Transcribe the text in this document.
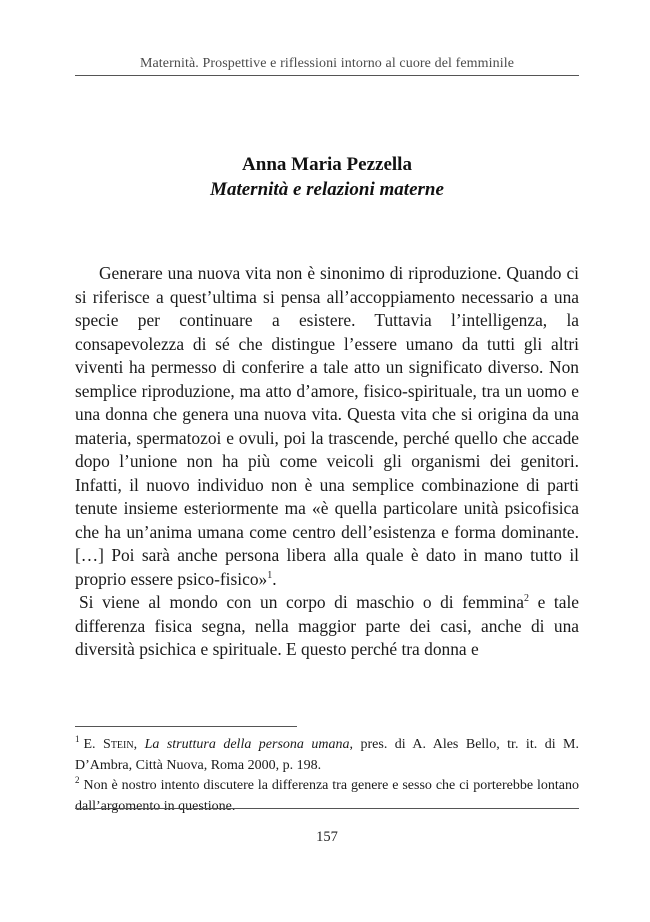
Maternità. Prospettive e riflessioni intorno al cuore del femminile
Anna Maria Pezzella
Maternità e relazioni materne

Generare una nuova vita non è sinonimo di riproduzione. Quando ci si riferisce a quest’ultima si pensa all’accoppiamento necessario a una specie per continuare a esistere. Tuttavia l’intelligenza, la consapevolezza di sé che distingue l’essere umano da tutti gli altri viventi ha permesso di conferire a tale atto un significato diverso. Non semplice riproduzione, ma atto d’amore, fisico-spirituale, tra un uomo e una donna che genera una nuova vita. Questa vita che si origina da una materia, spermatozoi e ovuli, poi la trascende, perché quello che accade dopo l’unione non ha più come veicoli gli organismi dei genitori. Infatti, il nuovo individuo non è una semplice combinazione di parti tenute insieme esteriormente ma «è quella particolare unità psicofisica che ha un’anima umana come centro dell’esistenza e forma dominante. […] Poi sarà anche persona libera alla quale è dato in mano tutto il proprio essere psico-fisico»$^1$.

Si viene al mondo con un corpo di maschio o di femmina$^2$ e tale differenza fisica segna, nella maggior parte dei casi, anche di una diversità psichica e spirituale. E questo perché tra donna e

$^1$ E. Stein, La struttura della persona umana, pres. di A. Ales Bello, tr. it. di M. D’Ambra, Città Nuova, Roma 2000, p. 198.

$^2$ Non è nostro intento discutere la differenza tra genere e sesso che ci porterebbe lontano dall’argomento in questione.

157
